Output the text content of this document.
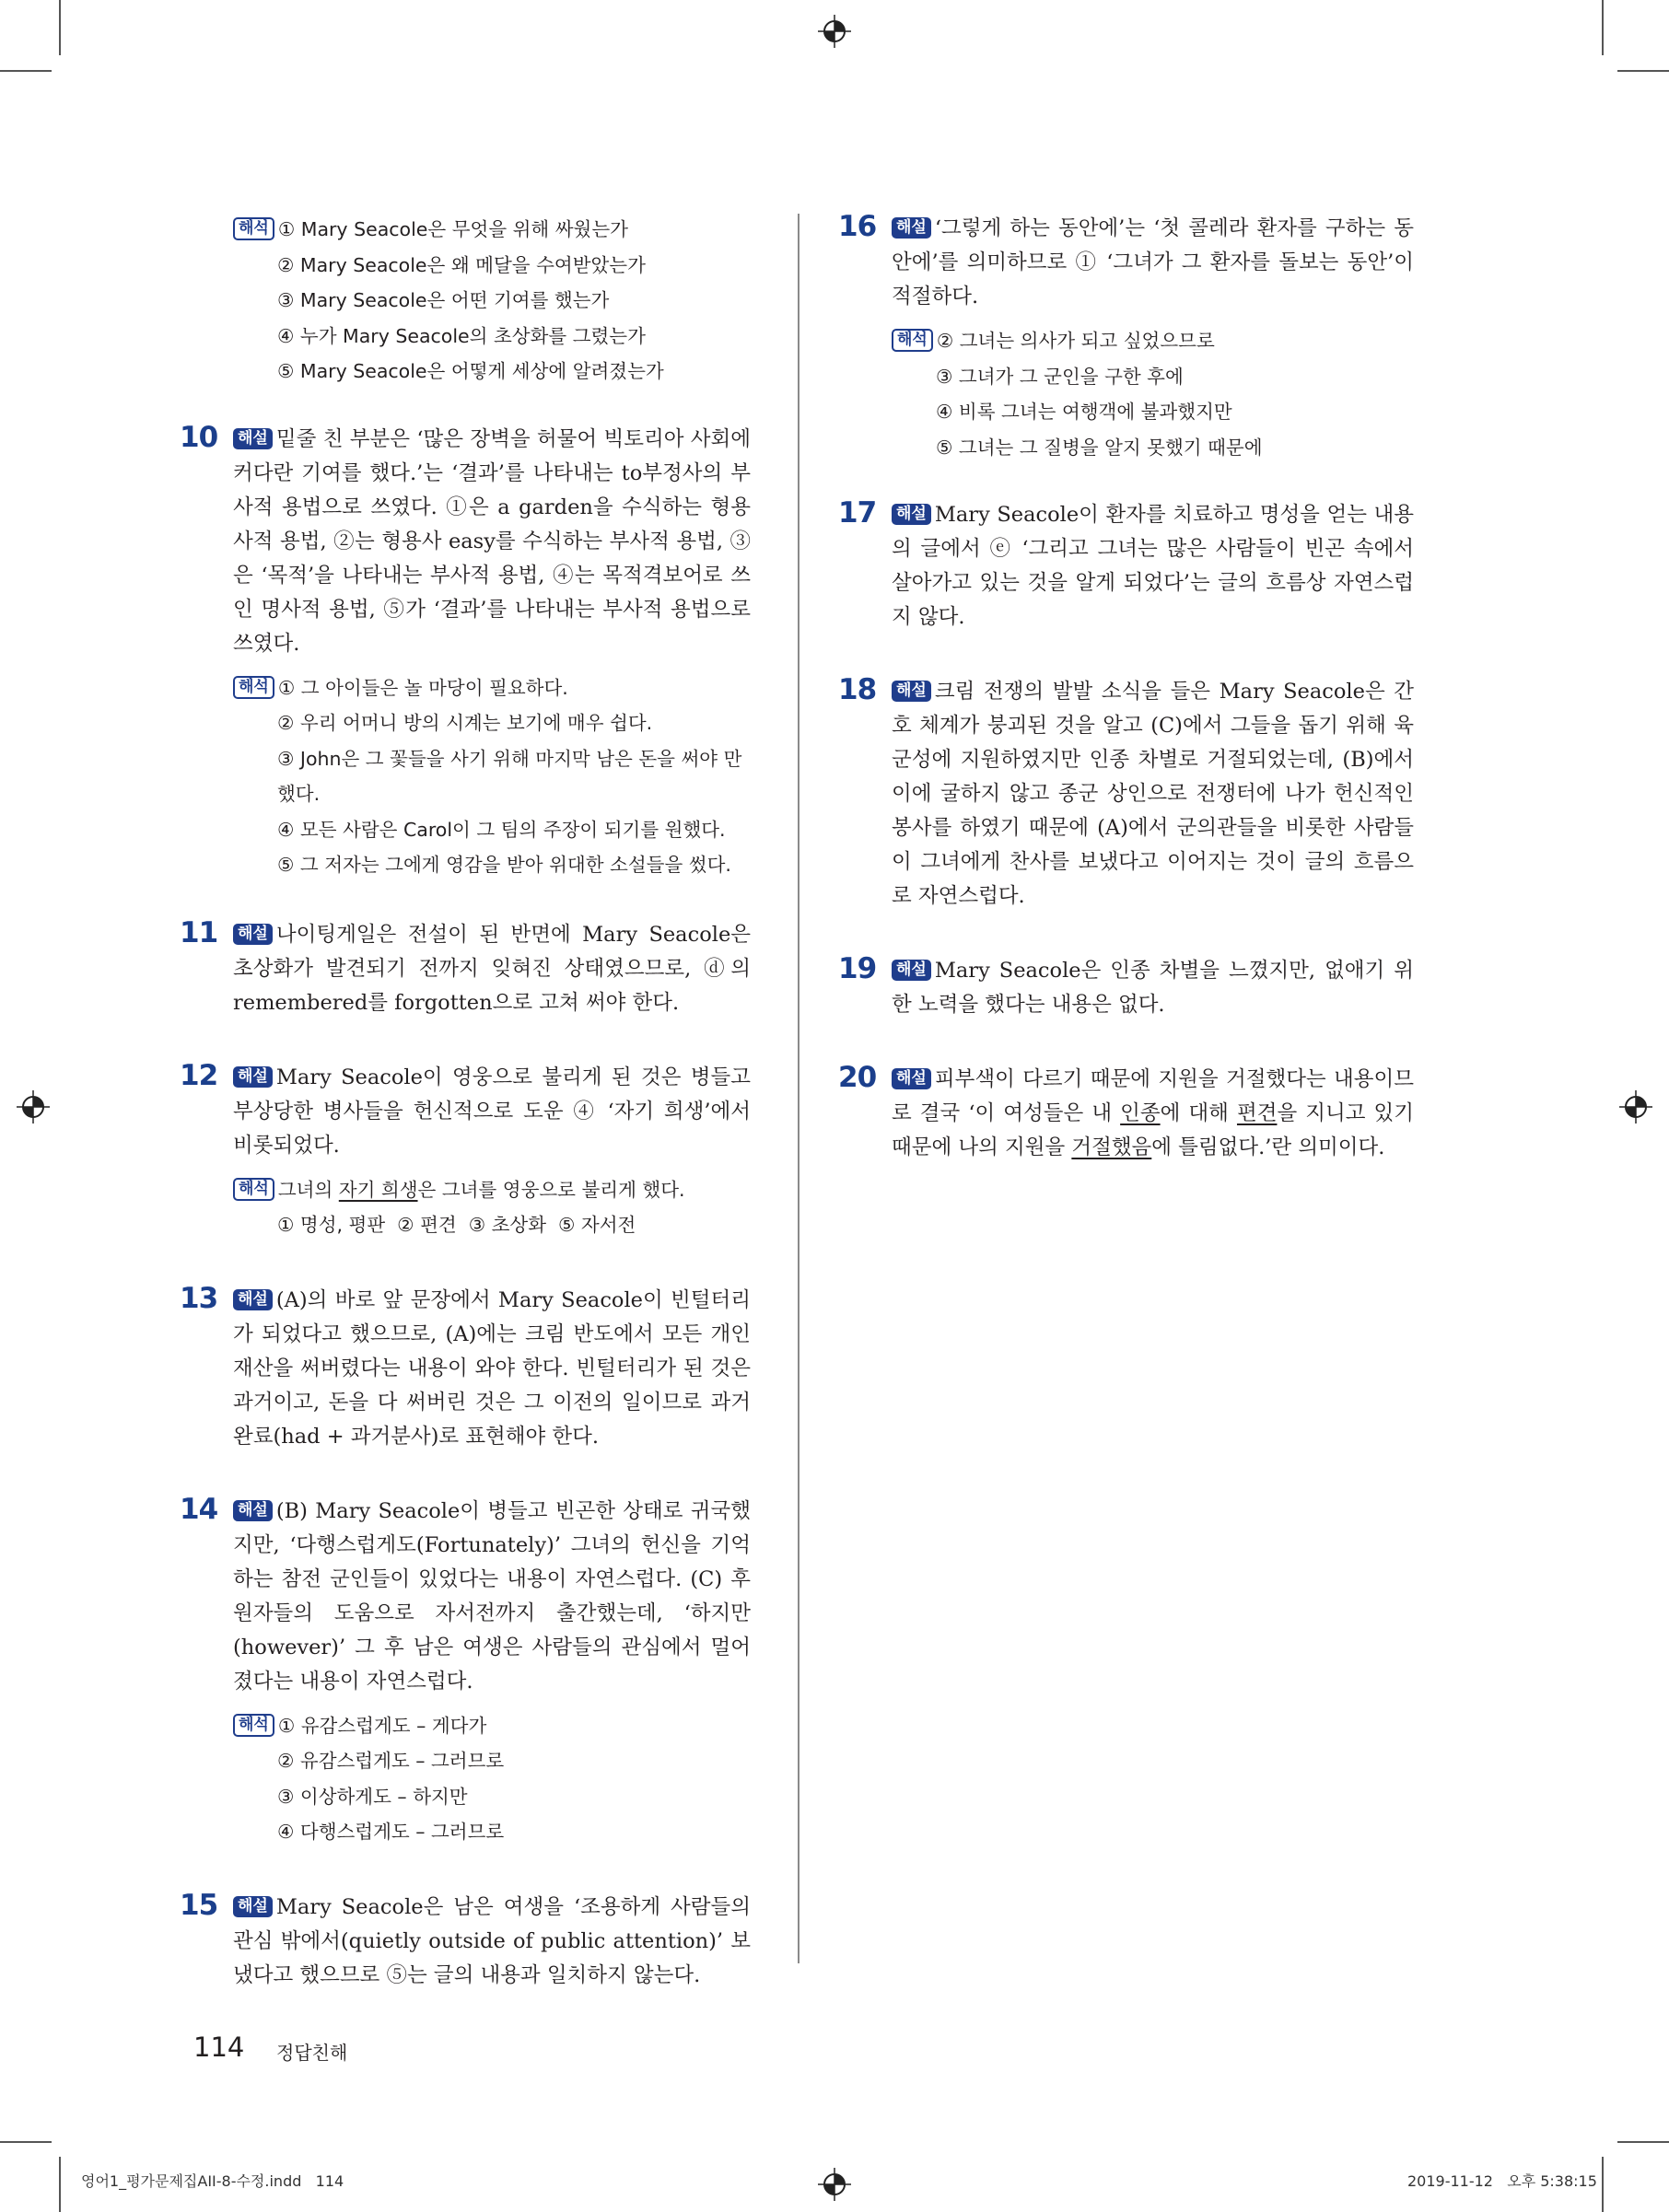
해석 ① Mary Seacole은 무엇을 위해 싸웠는가
② Mary Seacole은 왜 메달을 수여받았는가
③ Mary Seacole은 어떤 기여를 했는가
④ 누가 Mary Seacole의 초상화를 그렸는가
⑤ Mary Seacole은 어떻게 세상에 알려졌는가
10 해설 밑줄 친 부분은 ‘많은 장벽을 허물어 빅토리아 사회에 커다란 기여를 했다.’는 ‘결과’를 나타내는 to부정사의 부사적 용법으로 쓰였다. ①은 a garden을 수식하는 형용사적 용법, ②는 형용사 easy를 수식하는 부사적 용법, ③은 ‘목적’을 나타내는 부사적 용법, ④는 목적격보어로 쓰인 명사적 용법, ⑤가 ‘결과’를 나타내는 부사적 용법으로 쓰였다.
해석 ① 그 아이들은 놀 마당이 필요하다.
② 우리 어머니 방의 시계는 보기에 매우 쉽다.
③ John은 그 꽃들을 사기 위해 마지막 남은 돈을 써야 만 했다.
④ 모든 사람은 Carol이 그 팀의 주장이 되기를 원했다.
⑤ 그 저자는 그에게 영감을 받아 위대한 소설들을 썼다.
11 해설 나이팅게일은 전설이 된 반면에 Mary Seacole은 초상화가 발견되기 전까지 잊혀진 상태였으므로, ⓓ의 remembered를 forgotten으로 고쳐 써야 한다.
12 해설 Mary Seacole이 영웅으로 불리게 된 것은 병들고 부상당한 병사들을 헌신적으로 도운 ④ ‘자기 희생’에서 비롯되었다.
해석 그녀의 자기 희생은 그녀를 영웅으로 불리게 했다.
① 명성, 평판  ② 편견  ③ 초상화  ⑤ 자서전
13 해설 (A)의 바로 앞 문장에서 Mary Seacole이 빈털터리가 되었다고 했으므로, (A)에는 크림 반도에서 모든 개인 재산을 써버렸다는 내용이 와야 한다. 빈털터리가 된 것은 과거이고, 돈을 다 써버린 것은 그 이전의 일이므로 과거완료(had + 과거분사)로 표현해야 한다.
14 해설 (B) Mary Seacole이 병들고 빈곤한 상태로 귀국했지만, ‘다행스럽게도(Fortunately)’ 그녀의 헌신을 기억하는 참전 군인들이 있었다는 내용이 자연스럽다. (C) 후원자들의 도움으로 자서전까지 출간했는데, ‘하지만(however)’ 그 후 남은 여생은 사람들의 관심에서 멀어졌다는 내용이 자연스럽다.
해석 ① 유감스럽게도 – 게다가
② 유감스럽게도 – 그러므로
③ 이상하게도 – 하지만
④ 다행스럽게도 – 그러므로
15 해설 Mary Seacole은 남은 여생을 ‘조용하게 사람들의 관심 밖에서(quietly outside of public attention)’ 보냈다고 했으므로 ⑤는 글의 내용과 일치하지 않는다.
16 해설 ‘그렇게 하는 동안에’는 ‘첫 콜레라 환자를 구하는 동안에’를 의미하므로 ① ‘그녀가 그 환자를 돌보는 동안’이 적절하다.
해석 ② 그녀는 의사가 되고 싶었으므로
③ 그녀가 그 군인을 구한 후에
④ 비록 그녀는 여행객에 불과했지만
⑤ 그녀는 그 질병을 알지 못했기 때문에
17 해설 Mary Seacole이 환자를 치료하고 명성을 얻는 내용의 글에서 ⓔ ‘그리고 그녀는 많은 사람들이 빈곤 속에서 살아가고 있는 것을 알게 되었다’는 글의 흐름상 자연스럽지 않다.
18 해설 크림 전쟁의 발발 소식을 들은 Mary Seacole은 간호 체계가 붕괴된 것을 알고 (C)에서 그들을 돕기 위해 육군성에 지원하였지만 인종 차별로 거절되었는데, (B)에서 이에 굴하지 않고 종군 상인으로 전쟁터에 나가 헌신적인 봉사를 하였기 때문에 (A)에서 군의관들을 비롯한 사람들이 그녀에게 찬사를 보냈다고 이어지는 것이 글의 흐름으로 자연스럽다.
19 해설 Mary Seacole은 인종 차별을 느꼈지만, 없애기 위한 노력을 했다는 내용은 없다.
20 해설 피부색이 다르기 때문에 지원을 거절했다는 내용이므로 결국 ‘이 여성들은 내 인종에 대해 편견을 지니고 있기 때문에 나의 지원을 거절했음에 틀림없다.’란 의미이다.
114 정답친해
영어1_평가문제집AII-8-수정.indd   114	2019-11-12   오후 5:38:15
